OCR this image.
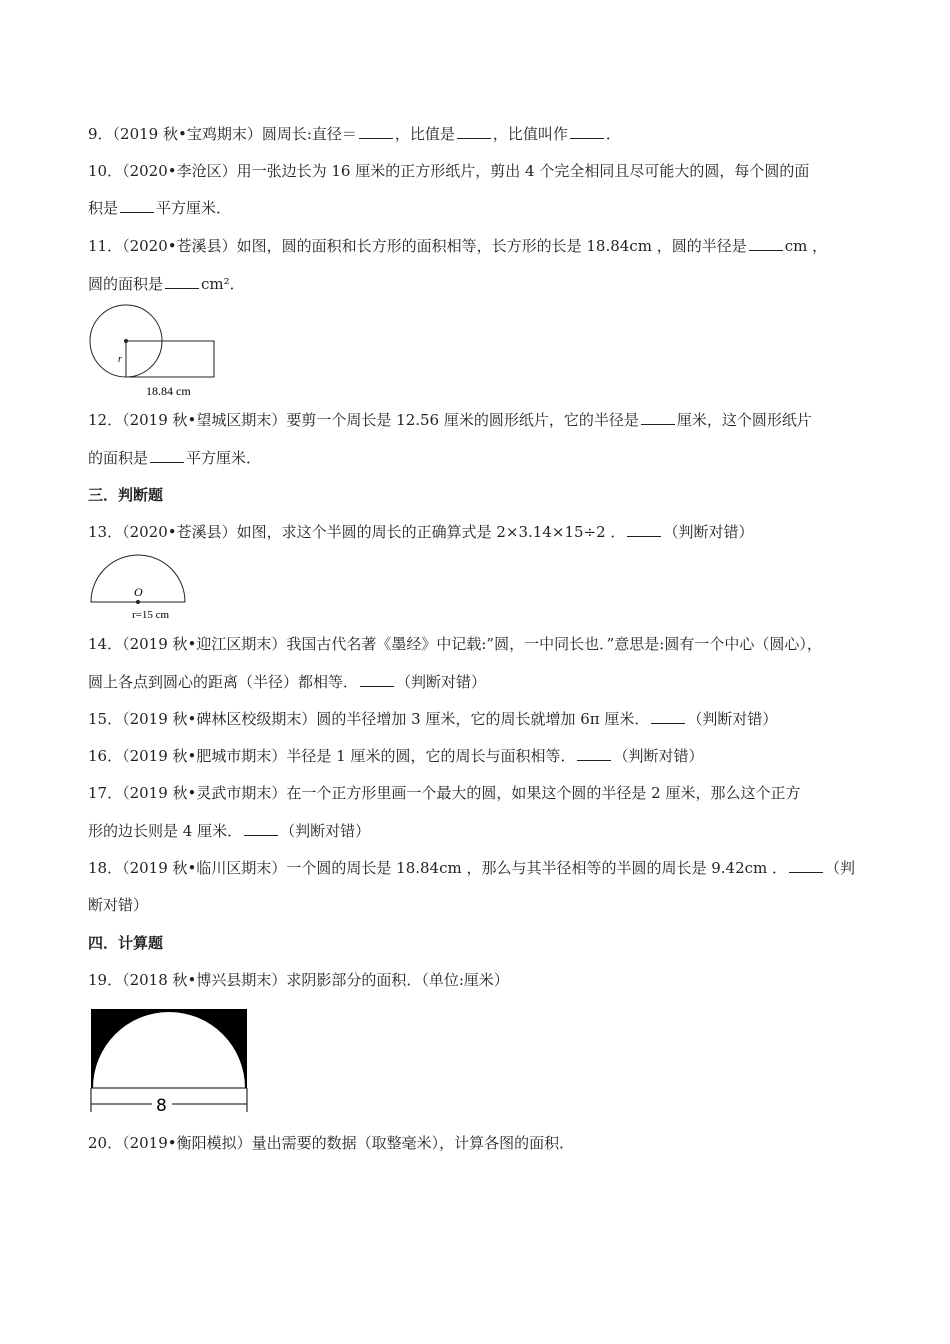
9．（2019 秋•宝鸡期末）圆周长:直径＝	，比值是	，比值叫作	．
10．（2020•李沧区）用一张边长为 16 厘米的正方形纸片，剪出 4 个完全相同且尽可能大的圆，每个圆的面
积是	平方厘米．
11．（2020•苍溪县）如图，圆的面积和长方形的面积相等，长方形的长是 18.84cm ，圆的半径是	cm ，
圆的面积是	cm²．
r
18.84 cm
12．（2019 秋•望城区期末）要剪一个周长是 12.56 厘米的圆形纸片，它的半径是	厘米，这个圆形纸片
的面积是	平方厘米．
三．判断题
13．（2020•苍溪县）如图，求这个半圆的周长的正确算式是 2×3.14×15÷2 ．	（判断对错）
O
r=15 cm
14．（2019 秋•迎江区期末）我国古代名著《墨经》中记载:”圆，一中同长也．”意思是:圆有一个中心（圆心），
圆上各点到圆心的距离（半径）都相等．	（判断对错）
15．（2019 秋•碑林区校级期末）圆的半径增加 3 厘米，它的周长就增加 6π 厘米．	（判断对错）
16．（2019 秋•肥城市期末）半径是 1 厘米的圆，它的周长与面积相等．	（判断对错）
17．（2019 秋•灵武市期末）在一个正方形里画一个最大的圆，如果这个圆的半径是 2 厘米，那么这个正方
形的边长则是 4 厘米．	（判断对错）
18．（2019 秋•临川区期末）一个圆的周长是 18.84cm ，那么与其半径相等的半圆的周长是 9.42cm ．	（判
断对错）
四．计算题
19．（2018 秋•博兴县期末）求阴影部分的面积．（单位:厘米）
8
20．（2019•衡阳模拟）量出需要的数据（取整毫米），计算各图的面积．
